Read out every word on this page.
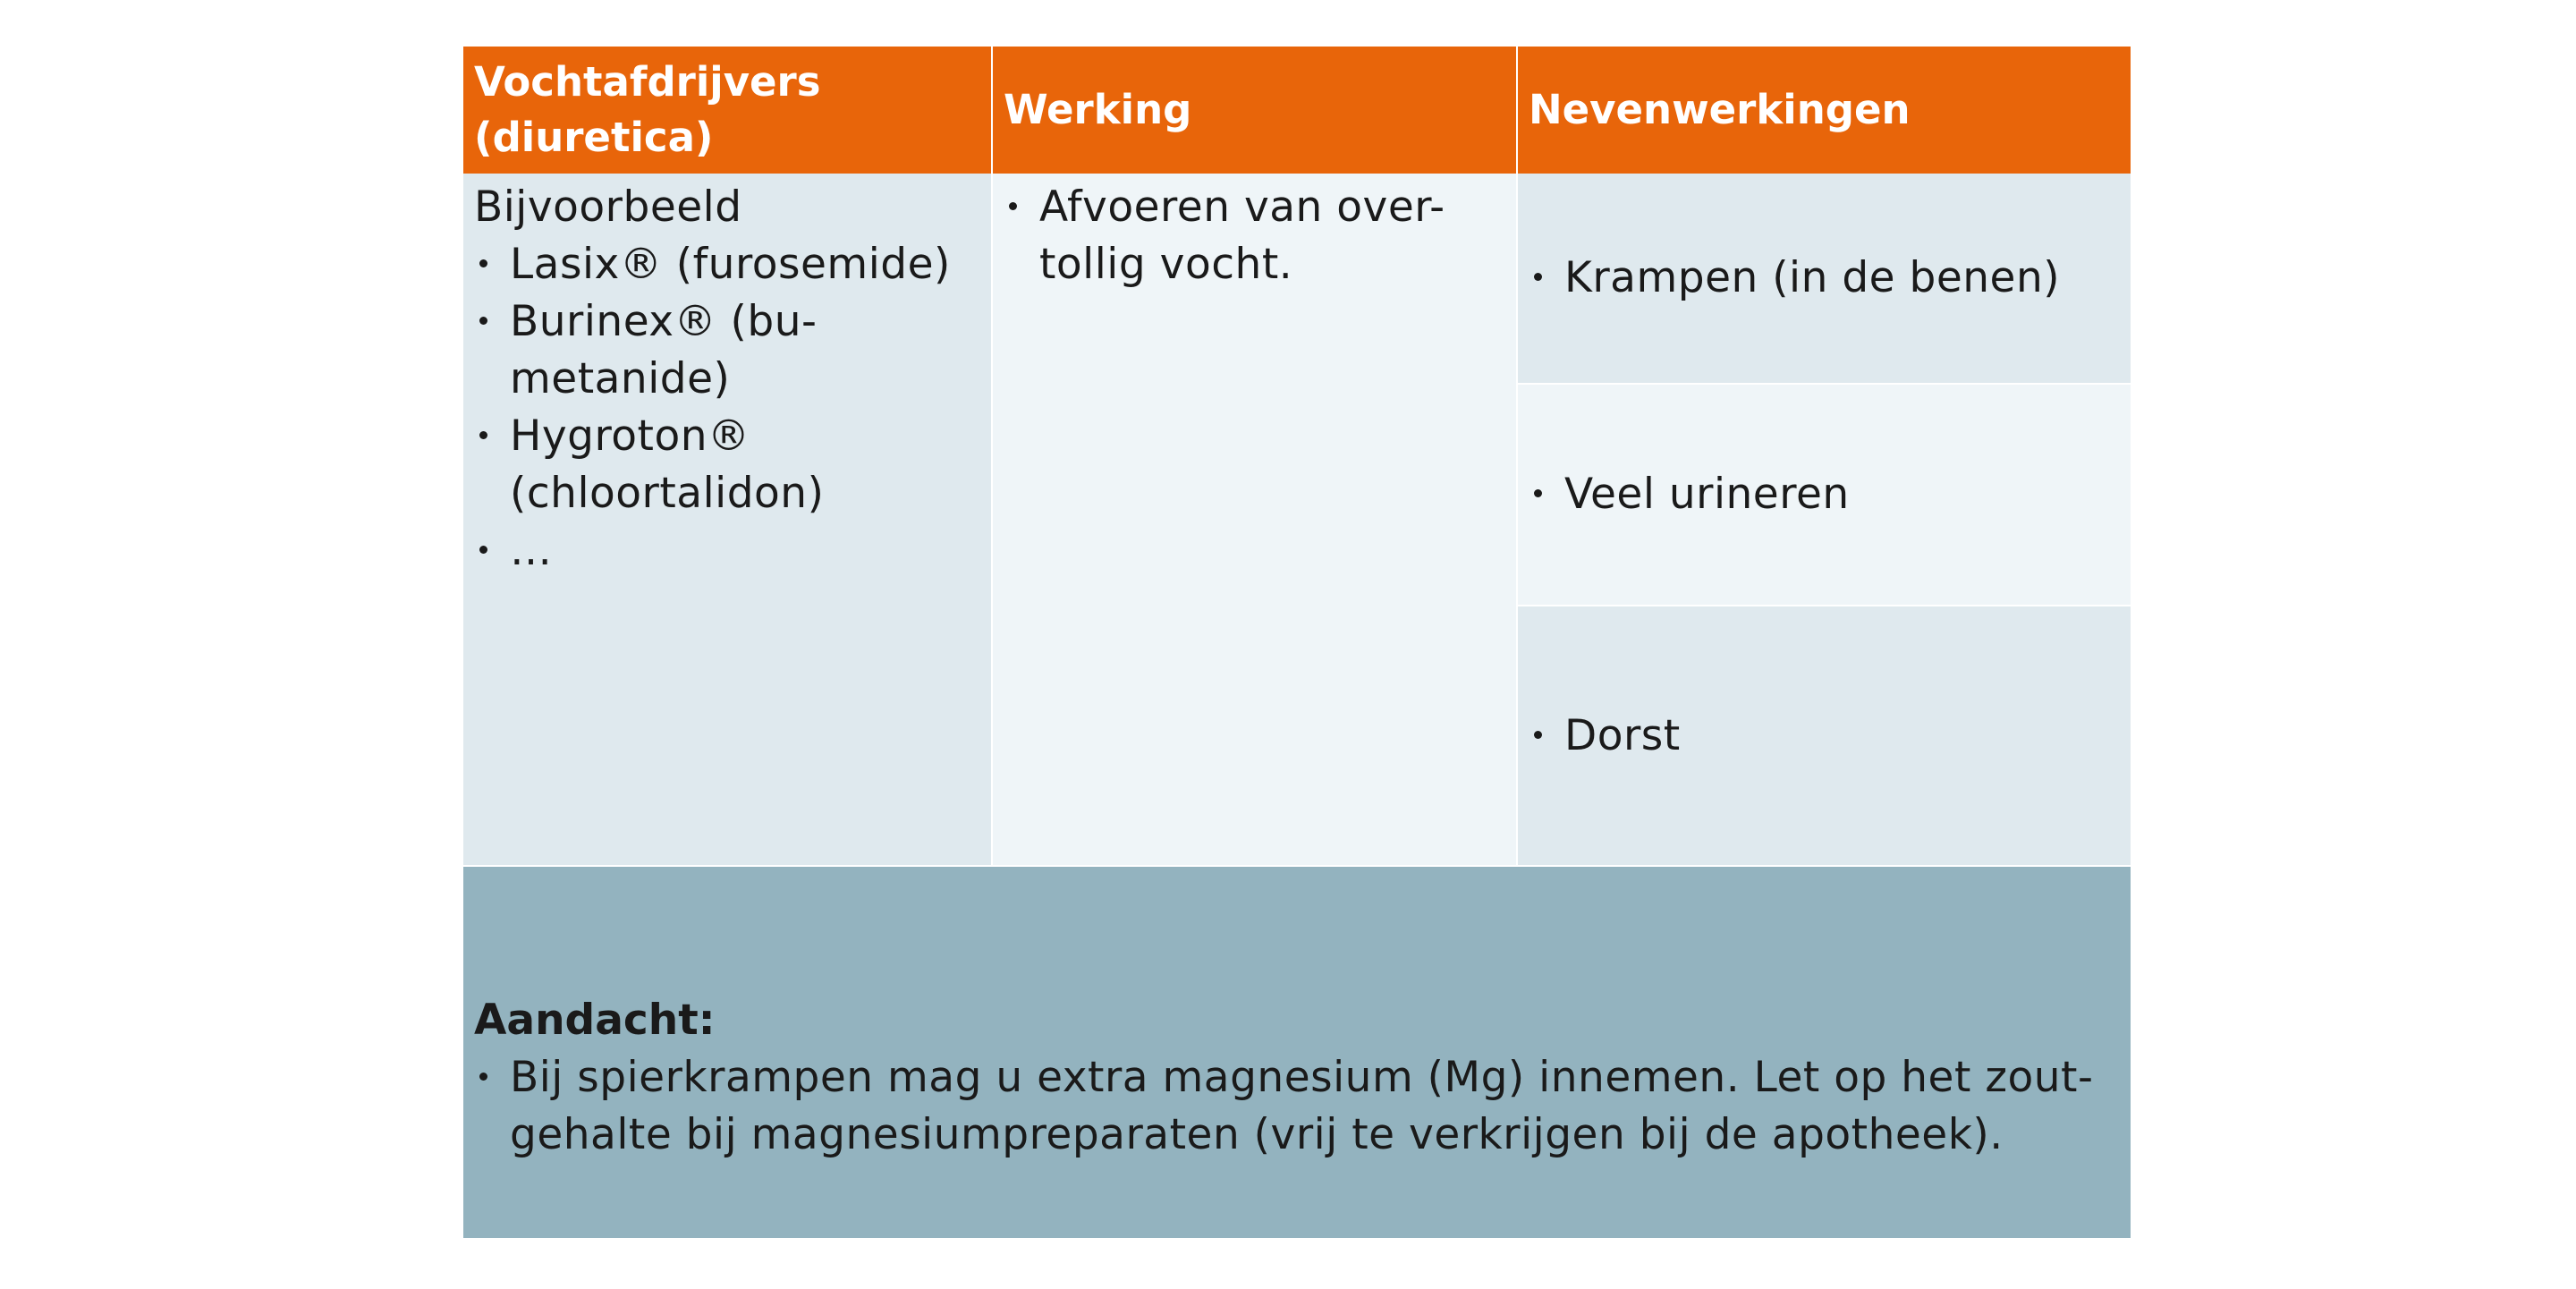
Vochtafdrijvers
(diuretica)
Werking	Nevenwerkingen
Bijvoorbeeld
Lasix® (furosemide)
Burinex® (bu-
metanide)
Hygroton®
(chloortalidon)
…
Afvoeren van over-
tollig vocht.	Krampen (in de benen)
Veel urineren
Dorst
Aandacht:
Bij spierkrampen mag u extra magnesium (Mg) innemen. Let op het zout-
gehalte bij magnesiumpreparaten (vrij te verkrijgen bij de apotheek).
